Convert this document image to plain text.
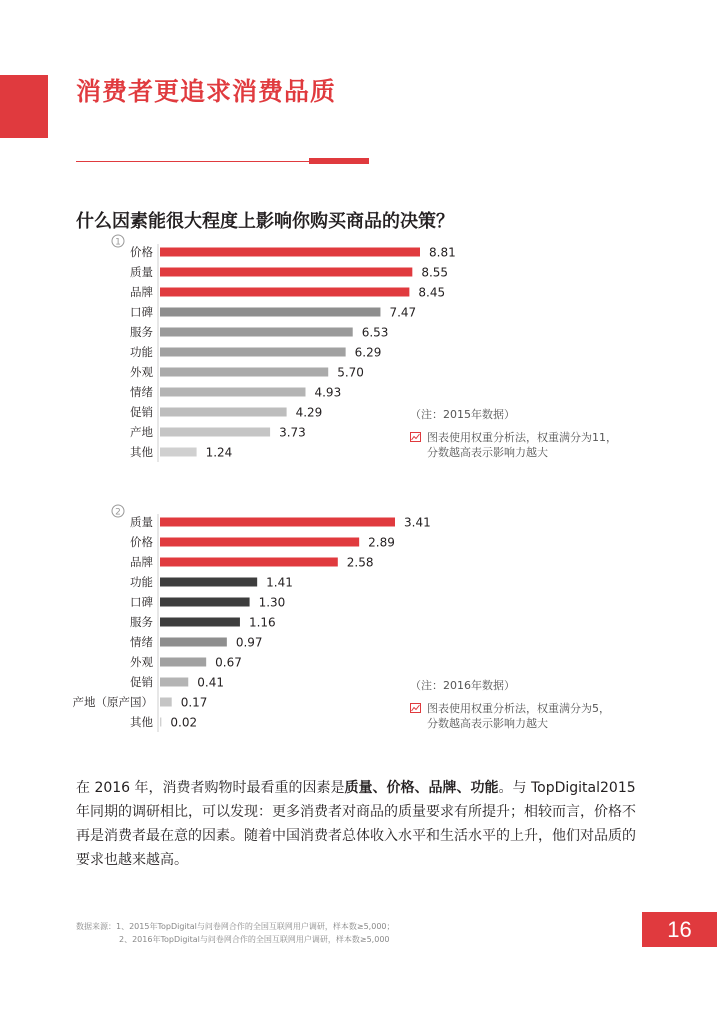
消费者更追求消费品质
什么因素能很大程度上影响你购买商品的决策？
1
价格	8.81
质量	8.55
品牌	8.45
口碑	7.47
服务	6.53
功能	6.29
外观	5.70
情绪	4.93
促销	4.29
产地	3.73
其他	1.24
（注：2015年数据）
图表使用权重分析法，权重满分为11，
分数越高表示影响力越大
2
质量	3.41
价格	2.89
品牌	2.58
功能	1.41
口碑	1.30
服务	1.16
情绪	0.97
外观	0.67
促销	0.41
产地（原产国） 0.17
其他 0.02
（注：2016年数据）
图表使用权重分析法，权重满分为5，
分数越高表示影响力越大
在 2016 年，消费者购物时最看重的因素是质量、价格、品牌、功能。与 TopDigital2015 年同期的调研相比，可以发现：更多消费者对商品的质量要求有所提升；相较而言，价格不再是消费者最在意的因素。随着中国消费者总体收入水平和生活水平的上升，他们对品质的要求也越来越高。
数据来源：1、2015年TopDigital与问卷网合作的全国互联网用户调研，样本数≥5,000；
2、2016年TopDigital与问卷网合作的全国互联网用户调研，样本数≥5,000	16
